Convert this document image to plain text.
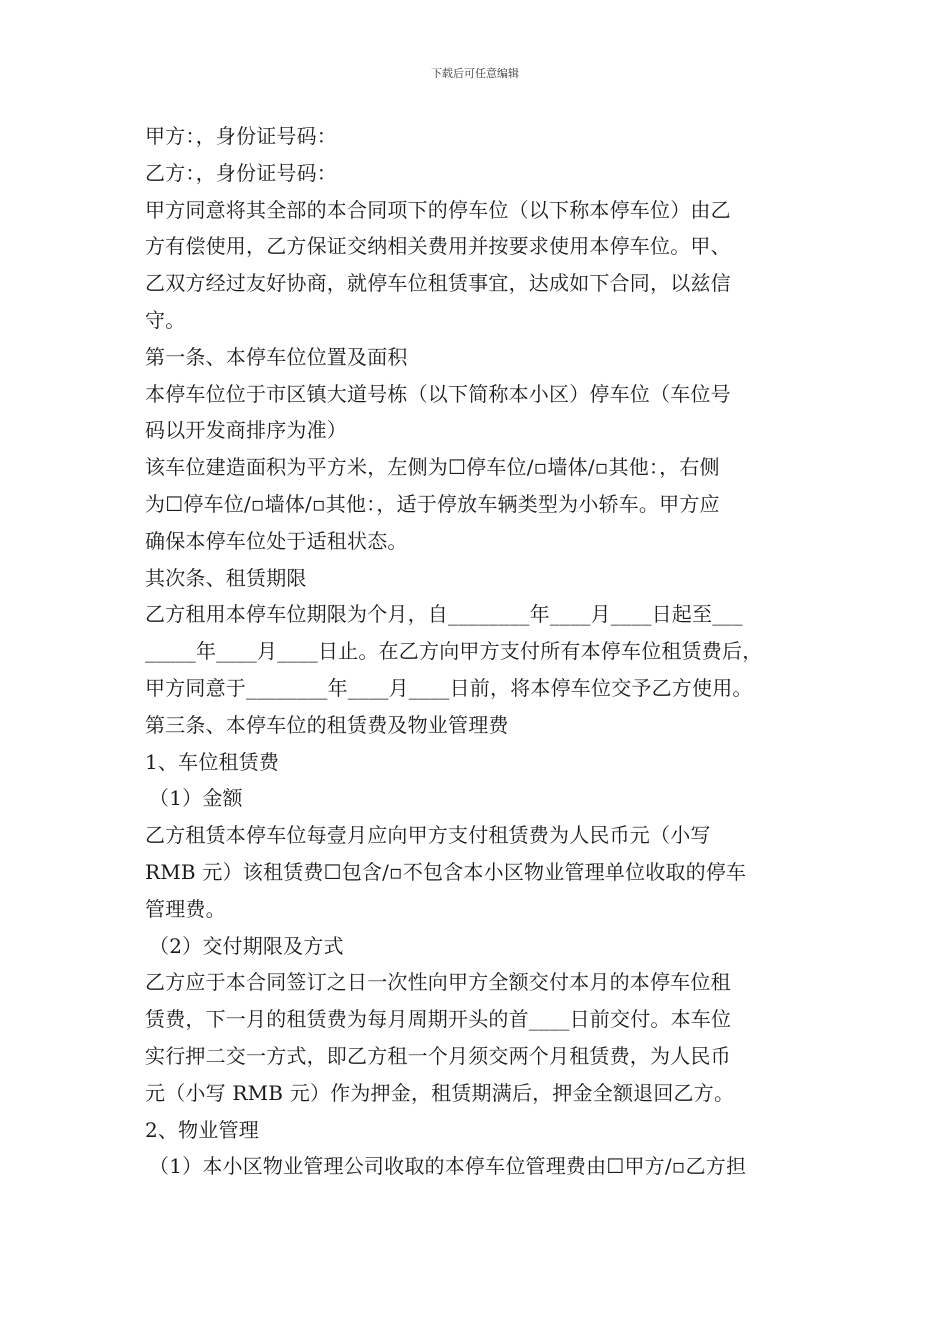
下载后可任意编辑
甲方：，身份证号码：
乙方：，身份证号码：
甲方同意将其全部的本合同项下的停车位（以下称本停车位）由乙
方有偿使用，乙方保证交纳相关费用并按要求使用本停车位。甲、
乙双方经过友好协商，就停车位租赁事宜，达成如下合同，以兹信
守。
第一条、本停车位位置及面积
本停车位位于市区镇大道号栋（以下简称本小区）停车位（车位号
码以开发商排序为准）
该车位建造面积为平方米，左侧为☐停车位/▫墙体/▫其他：，右侧
为☐停车位/▫墙体/▫其他：，适于停放车辆类型为小轿车。甲方应
确保本停车位处于适租状态。
其次条、租赁期限
乙方租用本停车位期限为个月，自________年____月____日起至___
_____年____月____日止。在乙方向甲方支付所有本停车位租赁费后，
甲方同意于________年____月____日前，将本停车位交予乙方使用。
第三条、本停车位的租赁费及物业管理费
1、车位租赁费
（1）金额
乙方租赁本停车位每壹月应向甲方支付租赁费为人民币元（小写
RMB 元）该租赁费☐包含/▫不包含本小区物业管理单位收取的停车
管理费。
（2）交付期限及方式
乙方应于本合同签订之日一次性向甲方全额交付本月的本停车位租
赁费，下一月的租赁费为每月周期开头的首____日前交付。本车位
实行押二交一方式，即乙方租一个月须交两个月租赁费，为人民币
元（小写 RMB 元）作为押金，租赁期满后，押金全额退回乙方。
2、物业管理
（1）本小区物业管理公司收取的本停车位管理费由☐甲方/▫乙方担
